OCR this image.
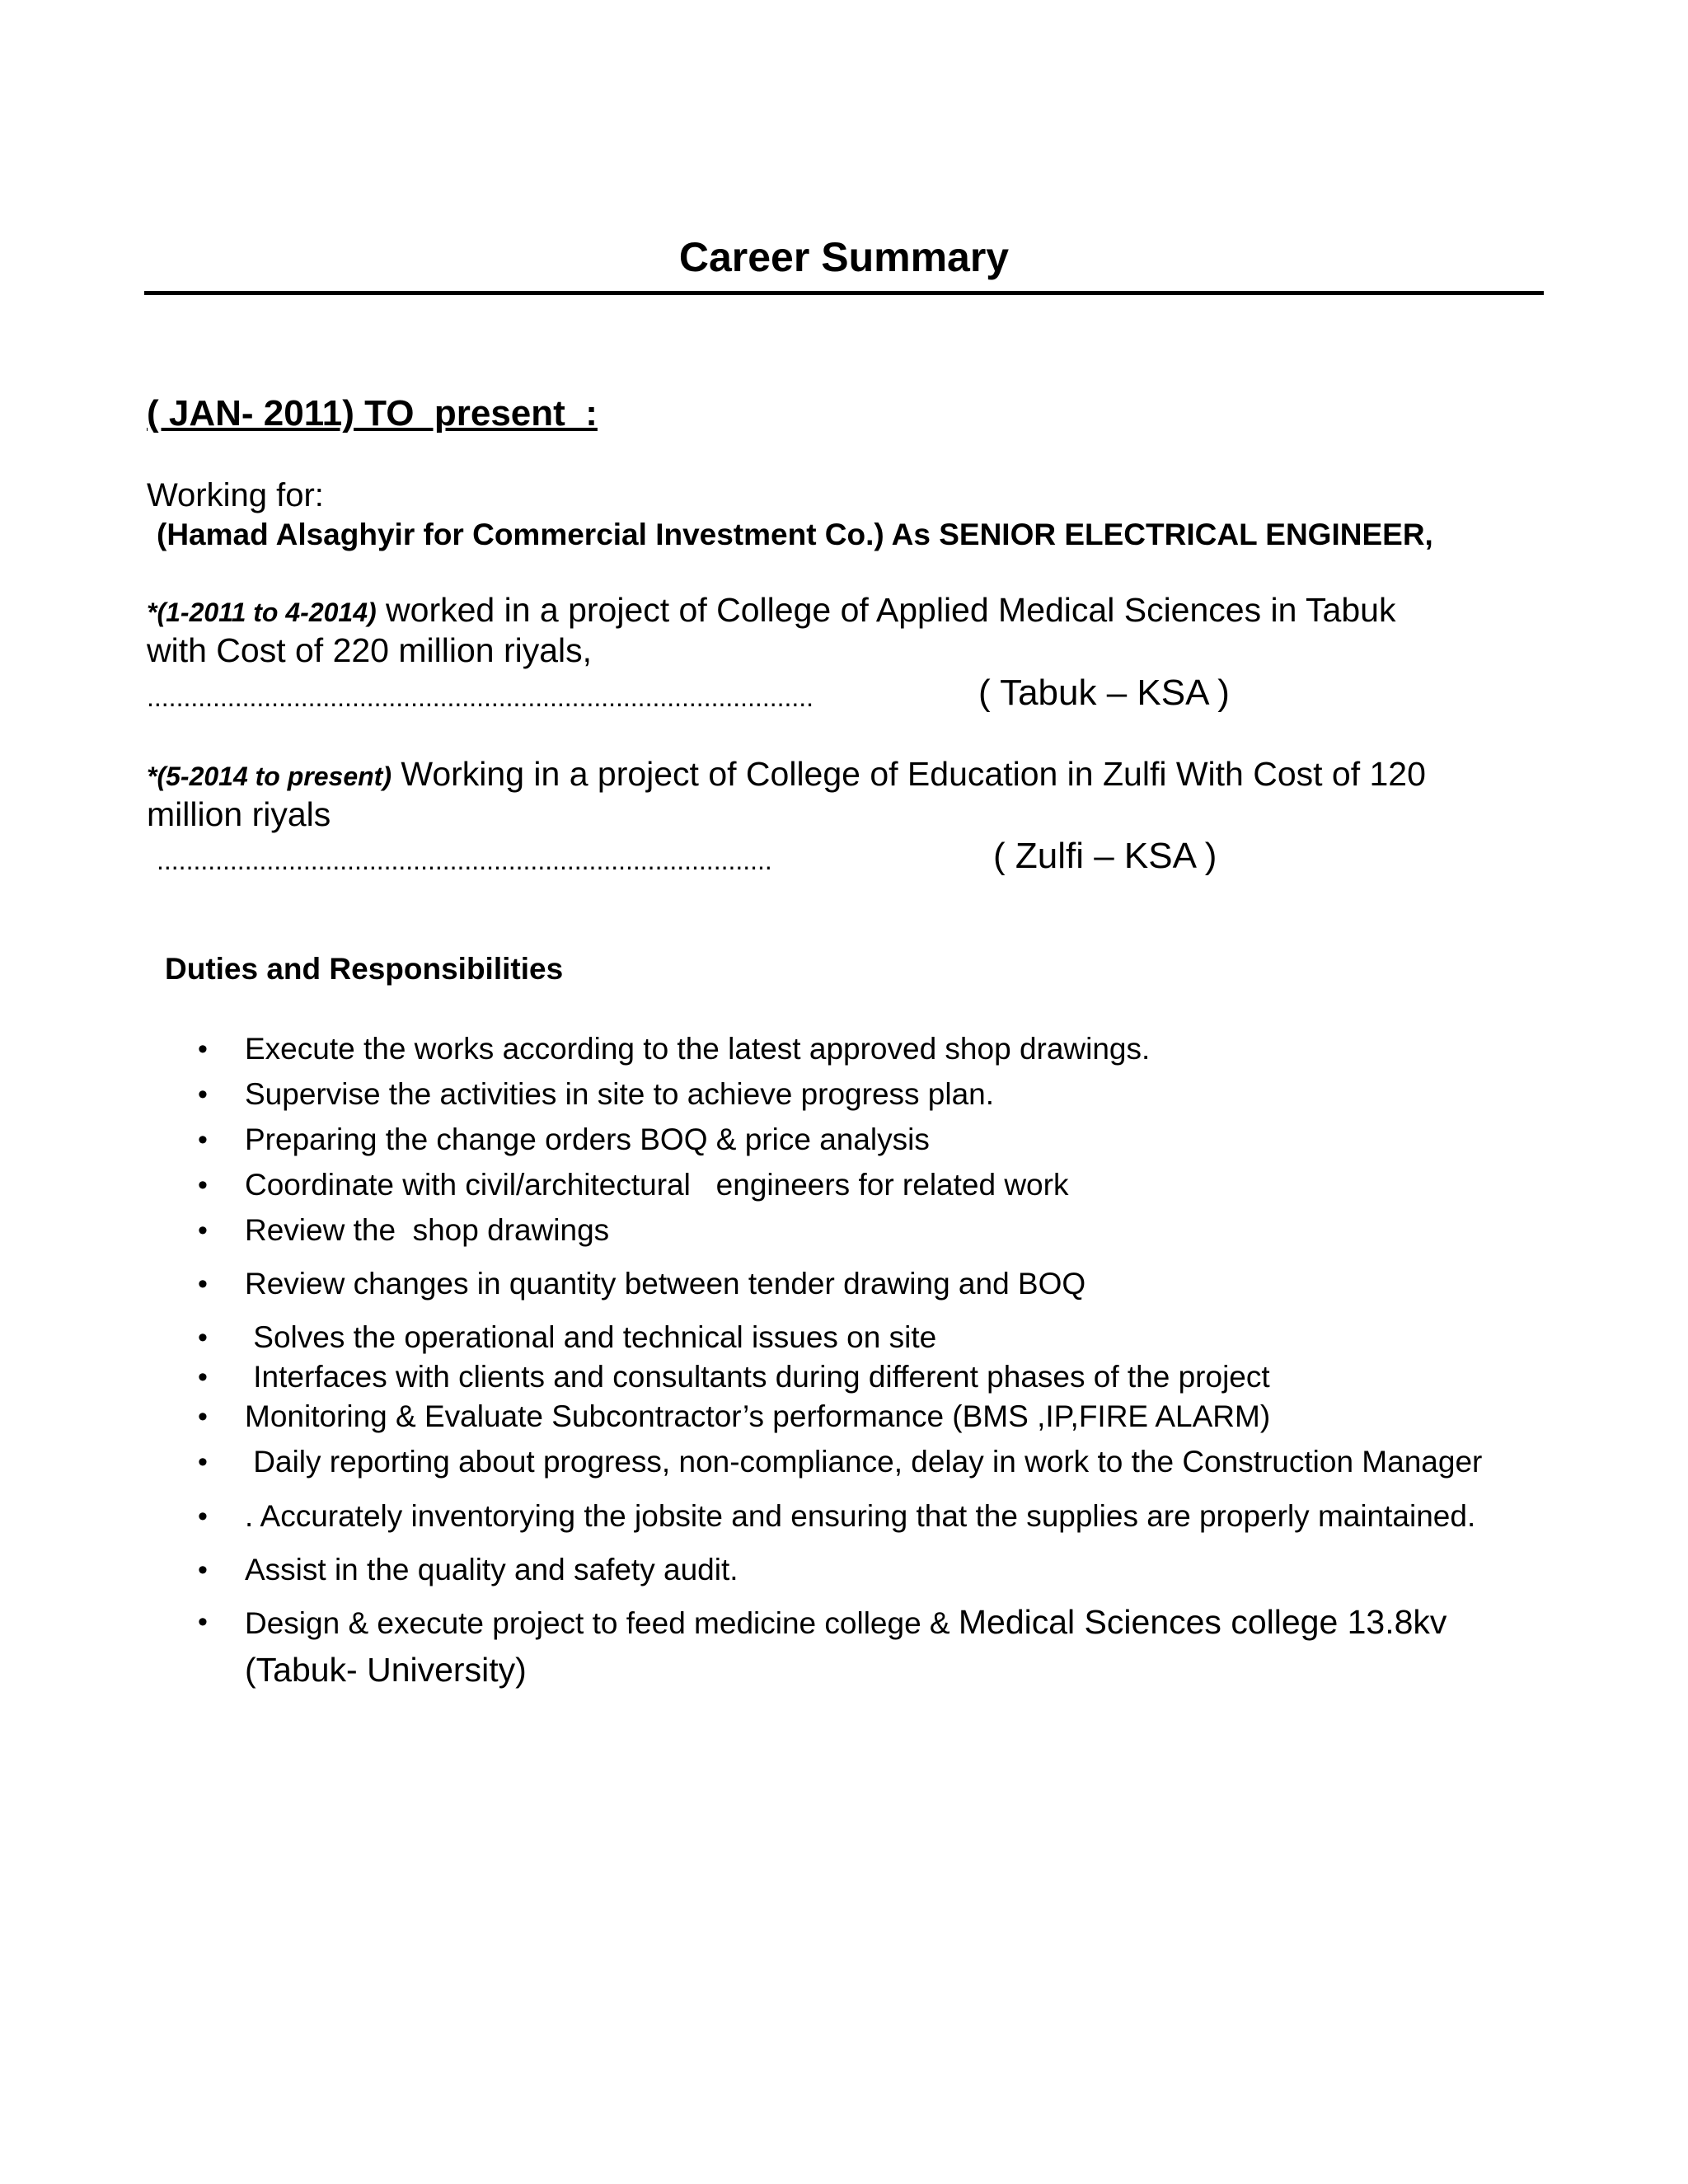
Career Summary
( JAN- 2011) TO  present  :
Working for:
(Hamad Alsaghyir for Commercial Investment Co.) As SENIOR ELECTRICAL ENGINEER,
*(1-2011 to 4-2014) worked in a project of College of Applied Medical Sciences in Tabuk
with Cost of 220 million riyals,
...........................................................................................	( Tabuk – KSA )
*(5-2014 to present) Working in a project of College of Education in Zulfi With Cost of 120
million riyals
....................................................................................	( Zulfi – KSA )
Duties and Responsibilities
• Execute the works according to the latest approved shop drawings.
• Supervise the activities in site to achieve progress plan.
• Preparing the change orders BOQ & price analysis
• Coordinate with civil/architectural   engineers for related work
• Review the  shop drawings
• Review changes in quantity between tender drawing and BOQ
• Solves the operational and technical issues on site
• Interfaces with clients and consultants during different phases of the project
• Monitoring & Evaluate Subcontractor’s performance (BMS ,IP,FIRE ALARM)
• Daily reporting about progress, non-compliance, delay in work to the Construction Manager
• . Accurately inventorying the jobsite and ensuring that the supplies are properly maintained.
• Assist in the quality and safety audit.
• Design & execute project to feed medicine college & Medical Sciences college 13.8kv (Tabuk- University)
